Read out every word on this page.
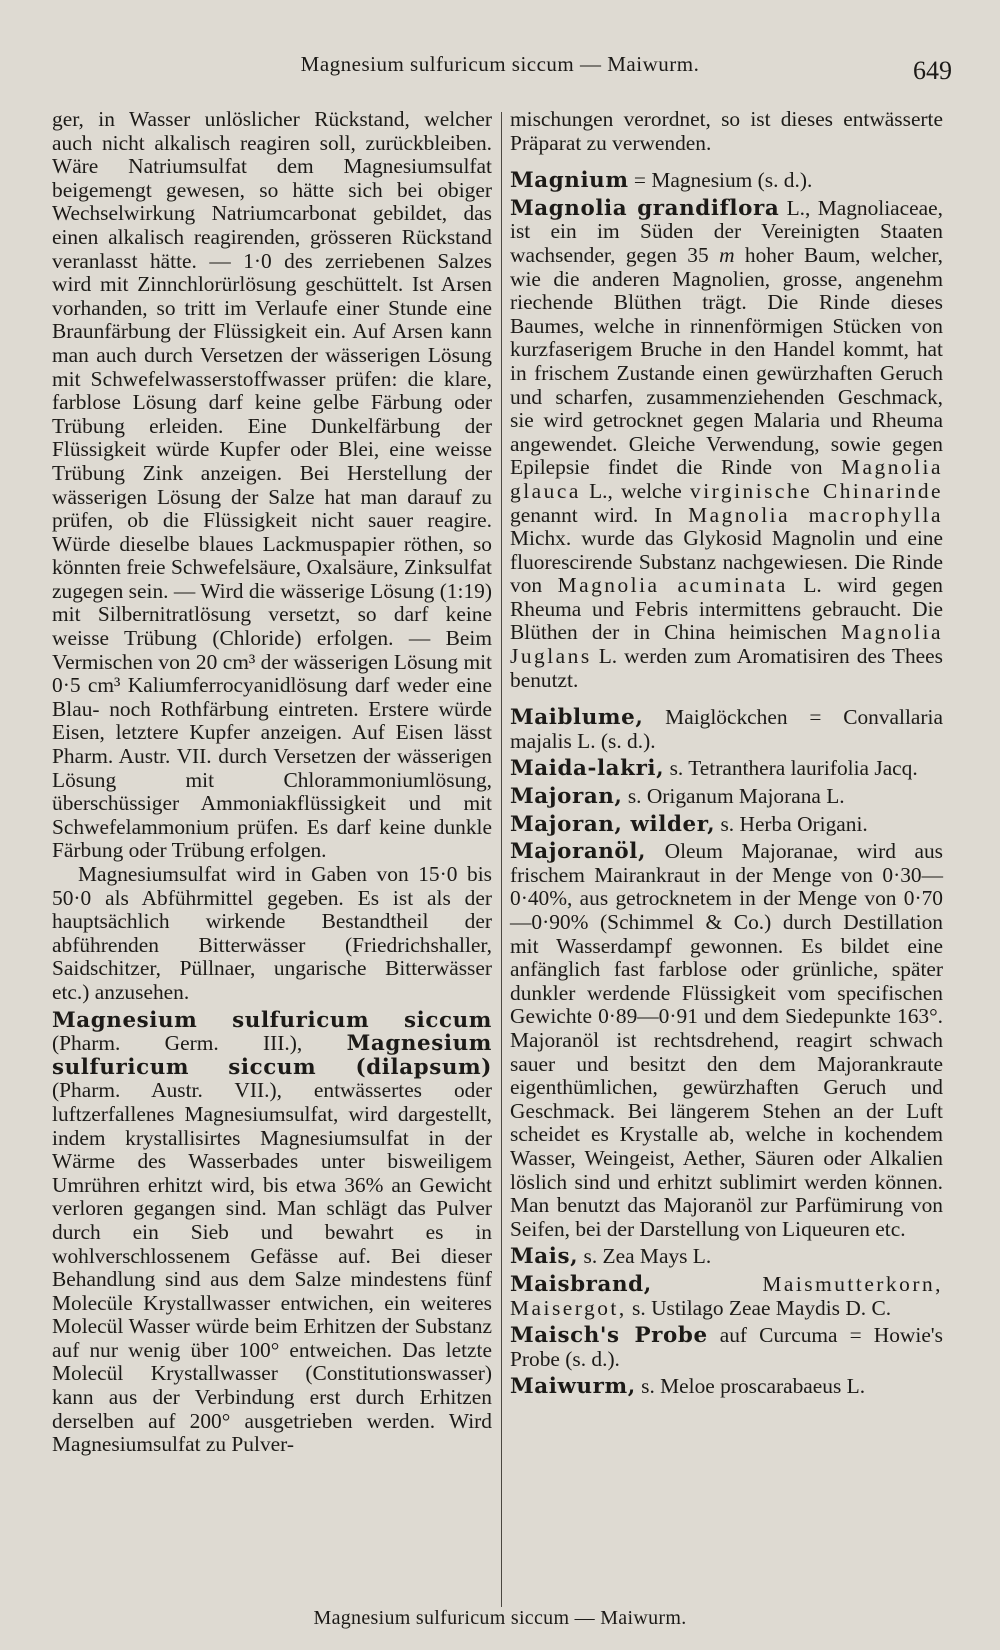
Magnesium sulfuricum siccum — Maiwurm.	649

ger, in Wasser unlöslicher Rückstand, welcher auch nicht alkalisch reagiren soll, zurückbleiben. Wäre Natriumsulfat dem Magnesiumsulfat beigemengt gewesen, so hätte sich bei obiger Wechselwirkung Natriumcarbonat gebildet, das einen alkalisch reagirenden, grösseren Rückstand veranlasst hätte. — 1·0 des zerriebenen Salzes wird mit Zinnchlorürlösung geschüttelt. Ist Arsen vorhanden, so tritt im Verlaufe einer Stunde eine Braunfärbung der Flüssigkeit ein. Auf Arsen kann man auch durch Versetzen der wässerigen Lösung mit Schwefelwasserstoffwasser prüfen: die klare, farblose Lösung darf keine gelbe Färbung oder Trübung erleiden. Eine Dunkelfärbung der Flüssigkeit würde Kupfer oder Blei, eine weisse Trübung Zink anzeigen. Bei Herstellung der wässerigen Lösung der Salze hat man darauf zu prüfen, ob die Flüssigkeit nicht sauer reagire. Würde dieselbe blaues Lackmuspapier röthen, so könnten freie Schwefelsäure, Oxalsäure, Zinksulfat zugegen sein. — Wird die wässerige Lösung (1:19) mit Silbernitratlösung versetzt, so darf keine weisse Trübung (Chloride) erfolgen. — Beim Vermischen von 20 cm³ der wässerigen Lösung mit 0·5 cm³ Kaliumferrocyanidlösung darf weder eine Blau- noch Rothfärbung eintreten. Erstere würde Eisen, letztere Kupfer anzeigen. Auf Eisen lässt Pharm. Austr. VII. durch Versetzen der wässerigen Lösung mit Chlorammoniumlösung, überschüssiger Ammoniakflüssigkeit und mit Schwefelammonium prüfen. Es darf keine dunkle Färbung oder Trübung erfolgen.

Magnesiumsulfat wird in Gaben von 15·0 bis 50·0 als Abführmittel gegeben. Es ist als der hauptsächlich wirkende Bestandtheil der abführenden Bitterwässer (Friedrichshaller, Saidschitzer, Püllnaer, ungarische Bitterwässer etc.) anzusehen.

Magnesium sulfuricum siccum (Pharm. Germ. III.), Magnesium sulfuricum siccum (dilapsum) (Pharm. Austr. VII.), entwässertes oder luftzerfallenes Magnesiumsulfat, wird dargestellt, indem krystallisirtes Magnesiumsulfat in der Wärme des Wasserbades unter bisweiligem Umrühren erhitzt wird, bis etwa 36% an Gewicht verloren gegangen sind. Man schlägt das Pulver durch ein Sieb und bewahrt es in wohlverschlossenem Gefässe auf. Bei dieser Behandlung sind aus dem Salze mindestens fünf Molecüle Krystallwasser entwichen, ein weiteres Molecül Wasser würde beim Erhitzen der Substanz auf nur wenig über 100° entweichen. Das letzte Molecül Krystallwasser (Constitutionswasser) kann aus der Verbindung erst durch Erhitzen derselben auf 200° ausgetrieben werden. Wird Magnesiumsulfat zu Pulver-

mischungen verordnet, so ist dieses entwässerte Präparat zu verwenden.

Magnium = Magnesium (s. d.).

Magnolia grandiflora L., Magnoliaceae, ist ein im Süden der Vereinigten Staaten wachsender, gegen 35 m hoher Baum, welcher, wie die anderen Magnolien, grosse, angenehm riechende Blüthen trägt. Die Rinde dieses Baumes, welche in rinnenförmigen Stücken von kurzfaserigem Bruche in den Handel kommt, hat in frischem Zustande einen gewürzhaften Geruch und scharfen, zusammenziehenden Geschmack, sie wird getrocknet gegen Malaria und Rheuma angewendet. Gleiche Verwendung, sowie gegen Epilepsie findet die Rinde von Magnolia glauca L., welche virginische Chinarinde genannt wird. In Magnolia macrophylla Michx. wurde das Glykosid Magnolin und eine fluorescirende Substanz nachgewiesen. Die Rinde von Magnolia acuminata L. wird gegen Rheuma und Febris intermittens gebraucht. Die Blüthen der in China heimischen Magnolia Juglans L. werden zum Aromatisiren des Thees benutzt.

Maiblume, Maiglöckchen = Convallaria majalis L. (s. d.).

Maida-lakri, s. Tetranthera laurifolia Jacq.

Majoran, s. Origanum Majorana L.

Majoran, wilder, s. Herba Origani.

Majoranöl, Oleum Majoranae, wird aus frischem Mairankraut in der Menge von 0·30—0·40%, aus getrocknetem in der Menge von 0·70—0·90% (Schimmel & Co.) durch Destillation mit Wasserdampf gewonnen. Es bildet eine anfänglich fast farblose oder grünliche, später dunkler werdende Flüssigkeit vom specifischen Gewichte 0·89—0·91 und dem Siedepunkte 163°. Majoranöl ist rechtsdrehend, reagirt schwach sauer und besitzt den dem Majorankraute eigenthümlichen, gewürzhaften Geruch und Geschmack. Bei längerem Stehen an der Luft scheidet es Krystalle ab, welche in kochendem Wasser, Weingeist, Aether, Säuren oder Alkalien löslich sind und erhitzt sublimirt werden können. Man benutzt das Majoranöl zur Parfümirung von Seifen, bei der Darstellung von Liqueuren etc.

Mais, s. Zea Mays L.

Maisbrand, Maismutterkorn, Maisergot, s. Ustilago Zeae Maydis D. C.

Maisch's Probe auf Curcuma = Howie's Probe (s. d.).

Maiwurm, s. Meloe proscarabaeus L.

Magnesium sulfuricum siccum — Maiwurm.
